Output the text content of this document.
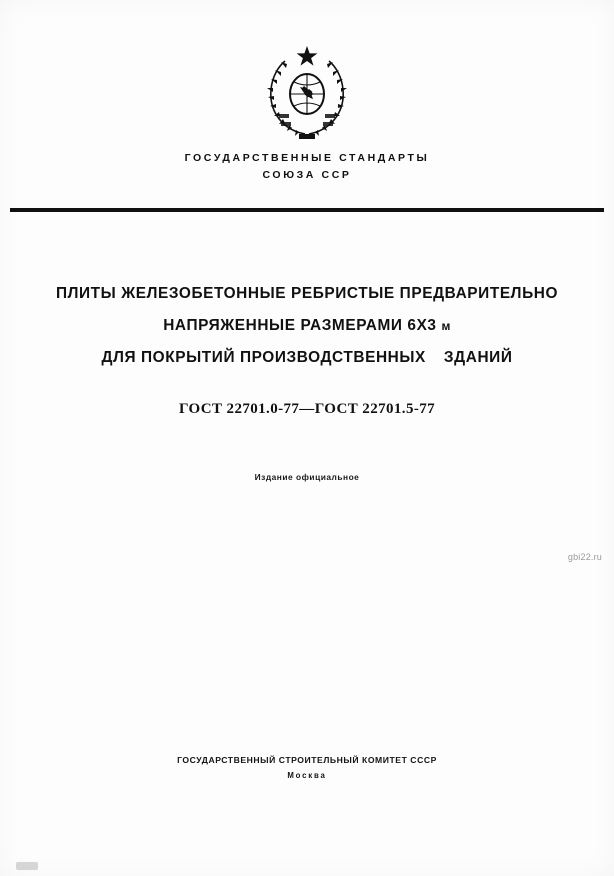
ГОСУДАРСТВЕННЫЕ СТАНДАРТЫ
СОЮЗА ССР
ПЛИТЫ ЖЕЛЕЗОБЕТОННЫЕ РЕБРИСТЫЕ ПРЕДВАРИТЕЛЬНО
НАПРЯЖЕННЫЕ РАЗМЕРАМИ 6Х3 м
ДЛЯ ПОКРЫТИЙ ПРОИЗВОДСТВЕННЫХ ЗДАНИЙ
ГОСТ 22701.0-77—ГОСТ 22701.5-77
Издание официальное
gbi22.ru
ГОСУДАРСТВЕННЫЙ СТРОИТЕЛЬНЫЙ КОМИТЕТ СССР
Москва
